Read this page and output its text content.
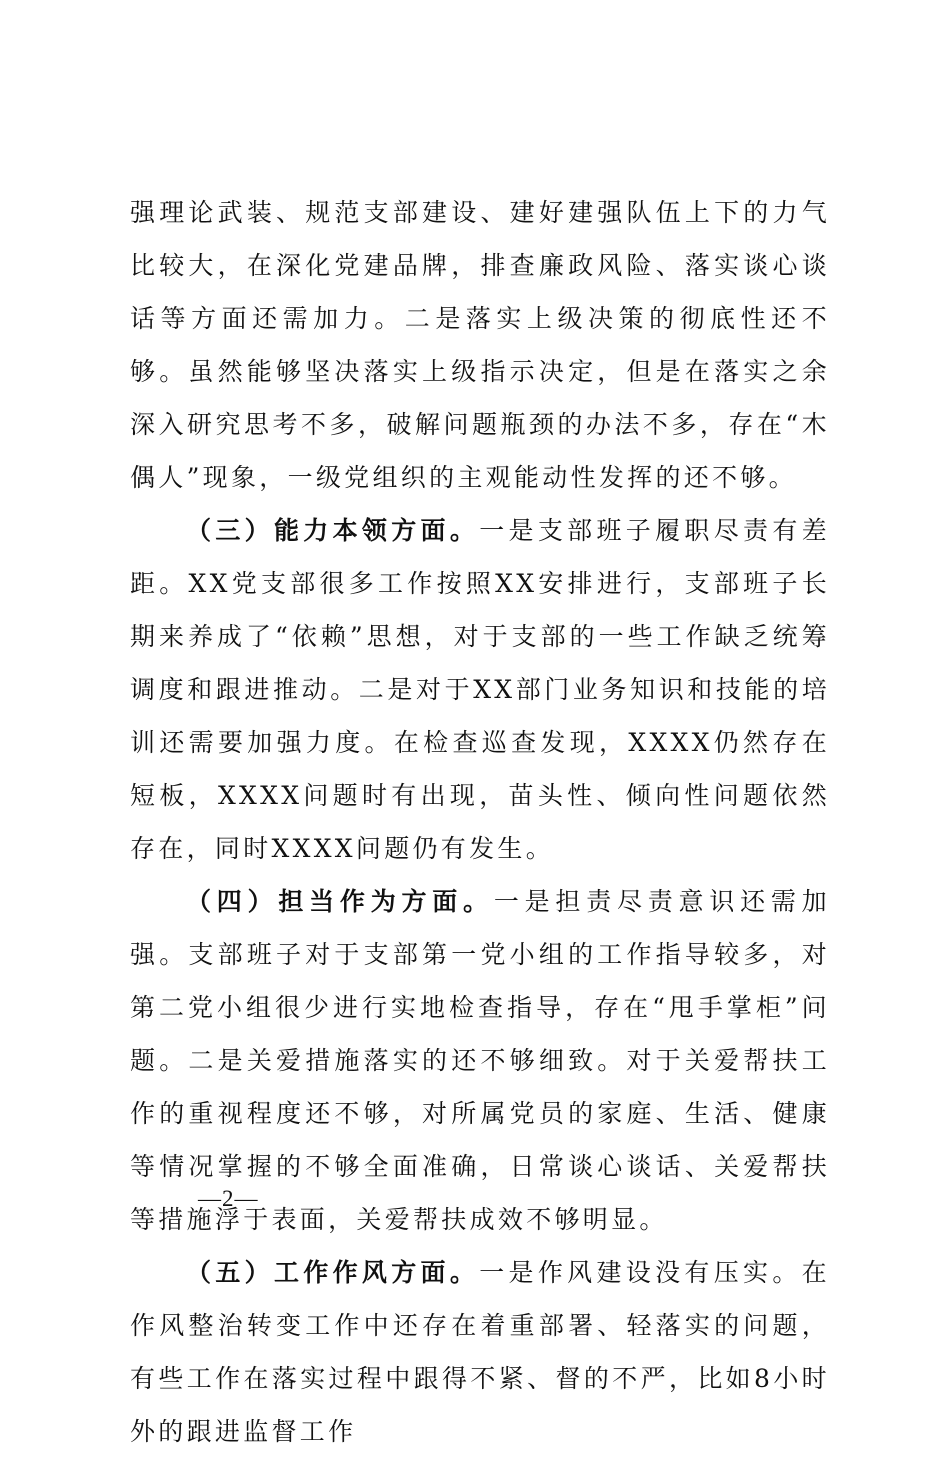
强理论武装、规范支部建设、建好建强队伍上下的力气比较大，在深化党建品牌，排查廉政风险、落实谈心谈话等方面还需加力。二是落实上级决策的彻底性还不够。虽然能够坚决落实上级指示决定，但是在落实之余深入研究思考不多，破解问题瓶颈的办法不多，存在“木偶人”现象，一级党组织的主观能动性发挥的还不够。

（三）能力本领方面。一是支部班子履职尽责有差距。XX党支部很多工作按照XX安排进行，支部班子长期来养成了“依赖”思想，对于支部的一些工作缺乏统筹调度和跟进推动。二是对于XX部门业务知识和技能的培训还需要加强力度。在检查巡查发现，XXXX仍然存在短板，XXXX问题时有出现，苗头性、倾向性问题依然存在，同时XXXX问题仍有发生。

（四）担当作为方面。一是担责尽责意识还需加强。支部班子对于支部第一党小组的工作指导较多，对第二党小组很少进行实地检查指导，存在“甩手掌柜”问题。二是关爱措施落实的还不够细致。对于关爱帮扶工作的重视程度还不够，对所属党员的家庭、生活、健康等情况掌握的不够全面准确，日常谈心谈话、关爱帮扶等措施浮于表面，关爱帮扶成效不够明显。

（五）工作作风方面。一是作风建设没有压实。在作风整治转变工作中还存在着重部署、轻落实的问题，有些工作在落实过程中跟得不紧、督的不严，比如8小时外的跟进监督工作

—2—
